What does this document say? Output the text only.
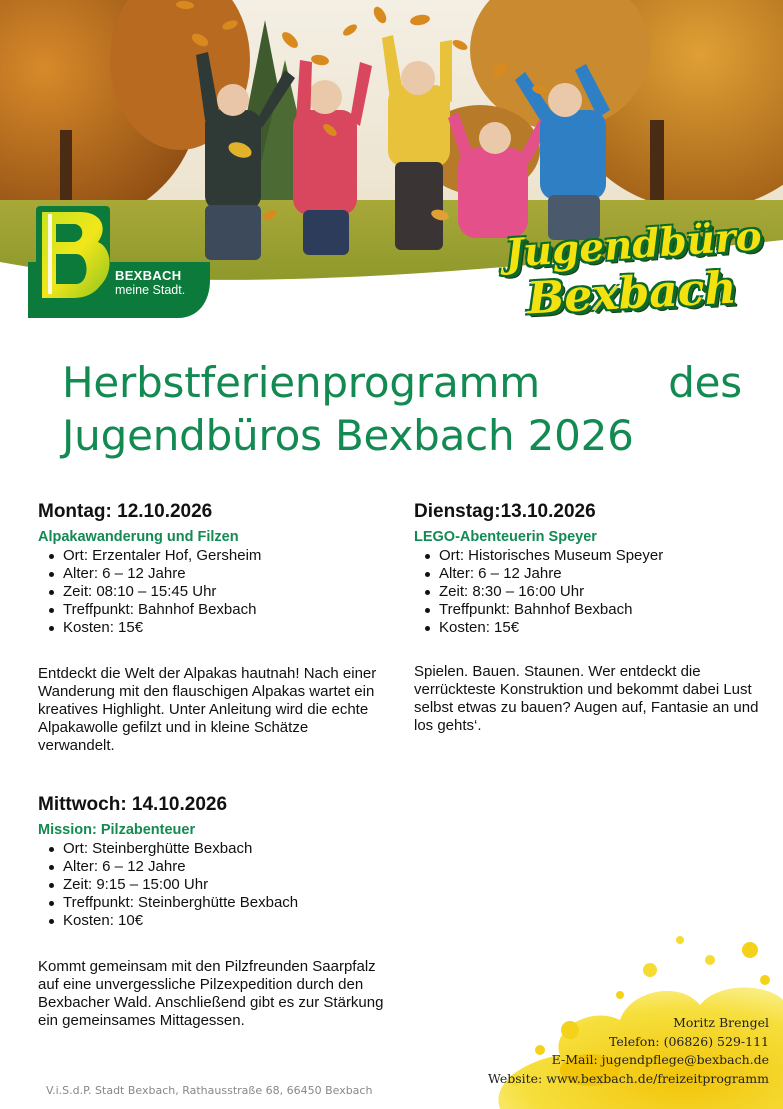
BEXBACH
meine Stadt.
Jugendbüro
Bexbach
Herbstferienprogramm des
Jugendbüros Bexbach 2026
Montag: 12.10.2026
Alpakawanderung und Filzen
Ort: Erzentaler Hof, Gersheim
Alter: 6 – 12 Jahre
Zeit: 08:10 – 15:45 Uhr
Treffpunkt: Bahnhof Bexbach
Kosten: 15€
Entdeckt die Welt der Alpakas hautnah! Nach einer Wanderung mit den flauschigen Alpakas wartet ein kreatives Highlight. Unter Anleitung wird die echte Alpakawolle gefilzt und in kleine Schätze verwandelt.
Dienstag:13.10.2026
LEGO-Abenteuerin Speyer
Ort: Historisches Museum Speyer
Alter: 6 – 12 Jahre
Zeit: 8:30 – 16:00 Uhr
Treffpunkt: Bahnhof Bexbach
Kosten: 15€
Spielen. Bauen. Staunen. Wer entdeckt die verrückteste Konstruktion und bekommt dabei Lust selbst etwas zu bauen? Augen auf, Fantasie an und los gehts‘.
Mittwoch: 14.10.2026
Mission: Pilzabenteuer
Ort: Steinberghütte Bexbach
Alter: 6 – 12 Jahre
Zeit: 9:15 – 15:00 Uhr
Treffpunkt: Steinberghütte Bexbach
Kosten: 10€
Kommt gemeinsam mit den Pilzfreunden Saarpfalz auf eine unvergessliche Pilzexpedition durch den Bexbacher Wald. Anschließend gibt es zur Stärkung ein gemeinsames Mittagessen.	Moritz Brengel
Telefon: (06826) 529-111
E-Mail: jugendpflege@bexbach.de
Website: www.bexbach.de/freizeitprogramm
V.i.S.d.P. Stadt Bexbach, Rathausstraße 68, 66450 Bexbach
